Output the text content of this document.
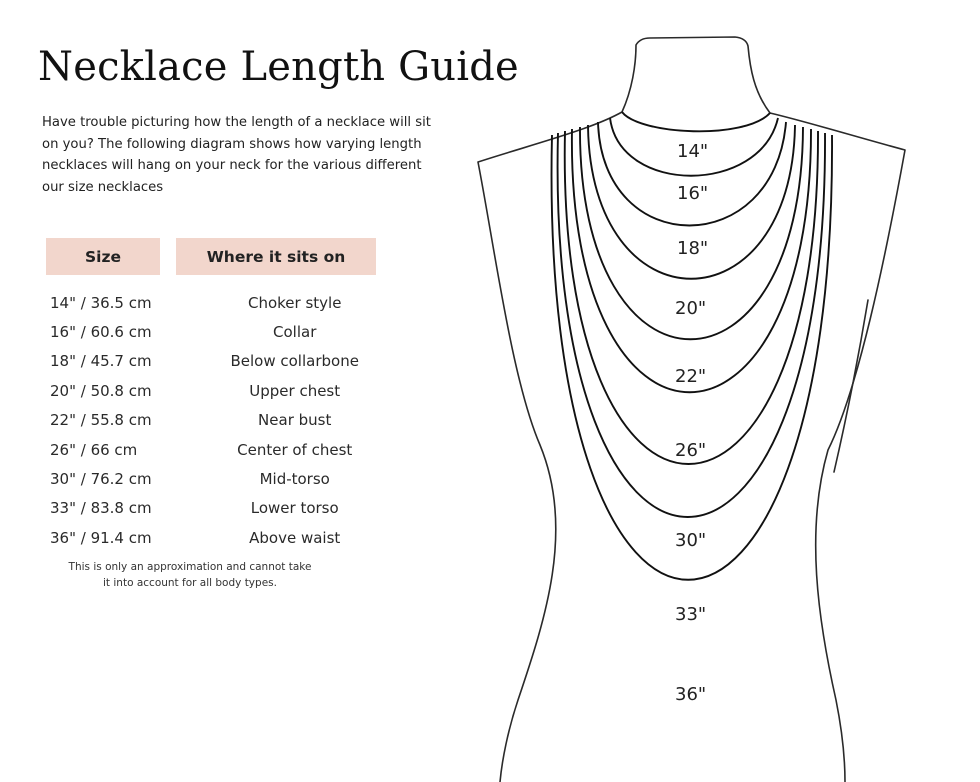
Necklace Length Guide

Have trouble picturing how the length of a necklace will sit on you? The following diagram shows how varying length necklaces will hang on your neck for the various different our size necklaces

Size	Where it sits on
14" / 36.5 cm	Choker style
16" / 60.6 cm	Collar
18" / 45.7 cm	Below collarbone
20" / 50.8 cm	Upper chest
22" / 55.8 cm	Near bust
26" / 66 cm	Center of chest
30" / 76.2 cm	Mid-torso
33" / 83.8 cm	Lower torso
36" / 91.4 cm	Above waist
This is only an approximation and cannot take
it into account for all body types.
14"
16"
18"
20"
22"
26"
30"
33"
36"
